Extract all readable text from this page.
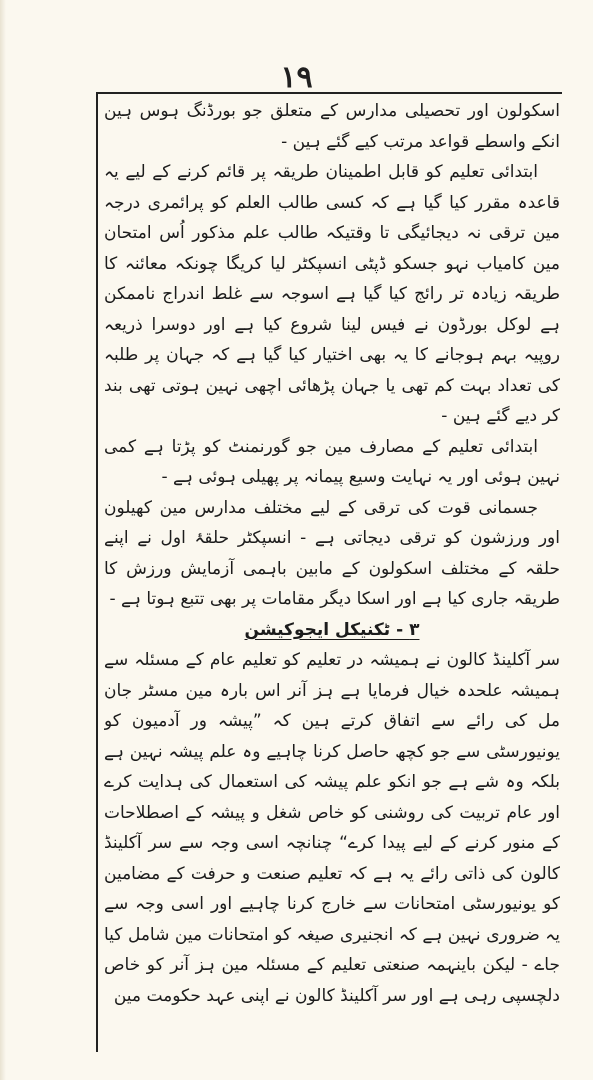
١٩

اسکولون اور تحصیلی مدارس کے متعلق جو بورڈنگ ہوس ہین انکے واسطے قواعد مرتب کیے گئے ہین -

ابتدائی تعلیم کو قابل اطمینان طریقہ پر قائم کرنے کے لیے یہ قاعدہ مقرر کیا گیا ہے کہ کسی طالب العلم کو پرائمری درجہ مین ترقی نہ دیجائیگی تا وقتیکہ طالب علم مذکور اُس امتحان مین کامیاب نہو جسکو ڈپٹی انسپکٹر لیا کریگا چونکہ معائنہ کا طریقہ زیادہ تر رائج کیا گیا ہے اسوجہ سے غلط اندراج ناممکن ہے لوکل بورڈون نے فیس لینا شروع کیا ہے اور دوسرا ذریعہ روپیہ بہم ہوجانے کا یہ بھی اختیار کیا گیا ہے کہ جہان پر طلبہ کی تعداد بہت کم تھی یا جہان پڑھائی اچھی نہین ہوتی تھی بند کر دیے گئے ہین -

ابتدائی تعلیم کے مصارف مین جو گورنمنٹ کو پڑتا ہے کمی نہین ہوئی اور یہ نہایت وسیع پیمانہ پر پھیلی ہوئی ہے -

جسمانی قوت کی ترقی کے لیے مختلف مدارس مین کھیلون اور ورزشون کو ترقی دیجاتی ہے - انسپکٹر حلقۂ اول نے اپنے حلقہ کے مختلف اسکولون کے مابین باہمی آزمایش ورزش کا طریقہ جاری کیا ہے اور اسکا دیگر مقامات پر بھی تتبع ہوتا ہے -

۳ - ٹکنیکل ایجوکیشن

سر آکلینڈ کالون نے ہمیشہ در تعلیم کو تعلیم عام کے مسئلہ سے ہمیشہ علحدہ خیال فرمایا ہے ہز آنر اس بارہ مین مسٹر جان مل کی رائے سے اتفاق کرتے ہین کہ ”پیشہ ور آدمیون کو یونیورسٹی سے جو کچھ حاصل کرنا چاہیے وہ علم پیشہ نہین ہے بلکہ وہ شے ہے جو انکو علم پیشہ کی استعمال کی ہدایت کرے اور عام تربیت کی روشنی کو خاص شغل و پیشہ کے اصطلاحات کے منور کرنے کے لیے پیدا کرے“ چنانچہ اسی وجہ سے سر آکلینڈ کالون کی ذاتی رائے یہ ہے کہ تعلیم صنعت و حرفت کے مضامین کو یونیورسٹی امتحانات سے خارج کرنا چاہیے اور اسی وجہ سے یہ ضروری نہین ہے کہ انجنیری صیغہ کو امتحانات مین شامل کیا جاے - لیکن باینہمہ صنعتی تعلیم کے مسئلہ مین ہز آنر کو خاص دلچسپی رہی ہے اور سر آکلینڈ کالون نے اپنی عہد حکومت مین
